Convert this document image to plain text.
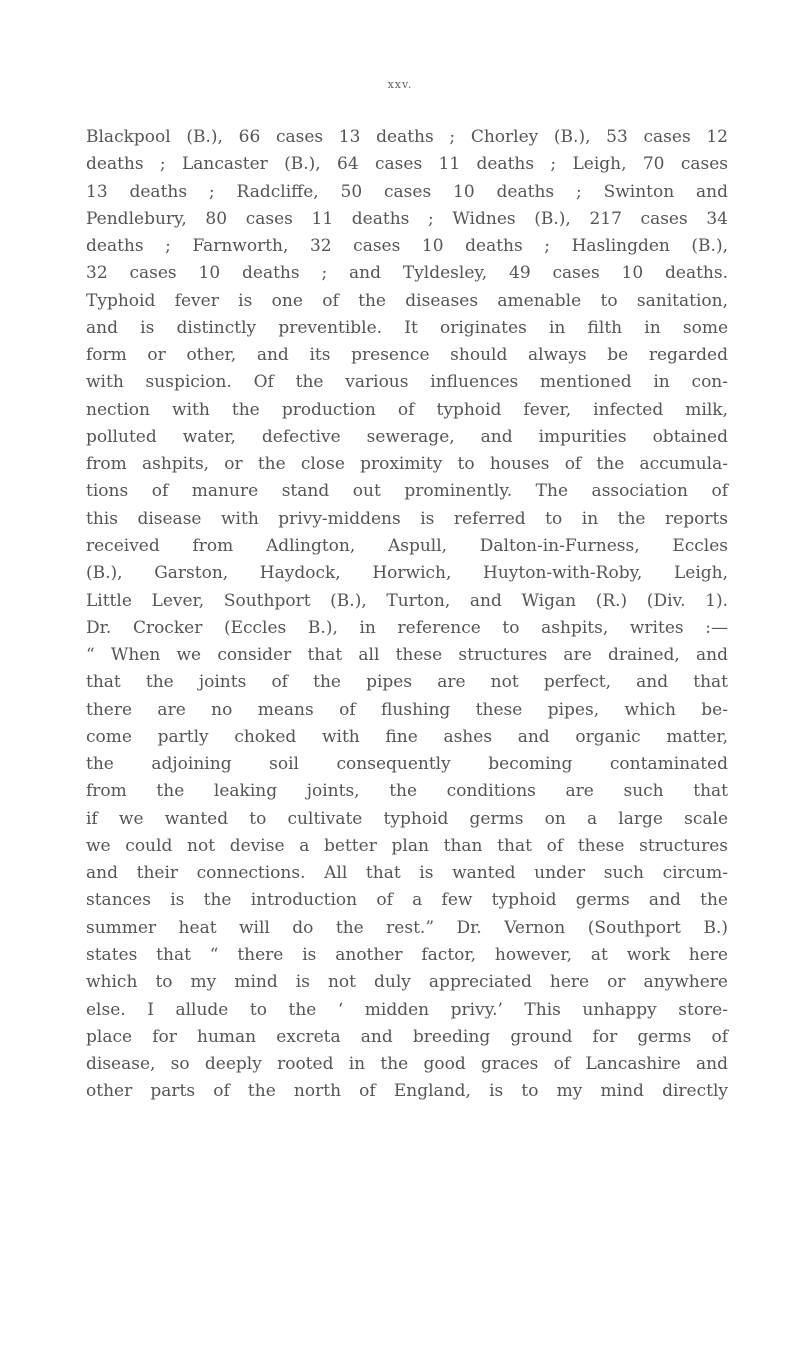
xxv.
Blackpool (B.), 66 cases 13 deaths ; Chorley (B.), 53 cases 12
deaths ; Lancaster (B.), 64 cases 11 deaths ; Leigh, 70 cases
13 deaths ; Radcliffe, 50 cases 10 deaths ; Swinton and
Pendlebury, 80 cases 11 deaths ; Widnes (B.), 217 cases 34
deaths ; Farnworth, 32 cases 10 deaths ; Haslingden (B.),
32 cases 10 deaths ; and Tyldesley, 49 cases 10 deaths.
Typhoid fever is one of the diseases amenable to sanitation,
and is distinctly preventible. It originates in filth in some
form or other, and its presence should always be regarded
with suspicion. Of the various influences mentioned in con-
nection with the production of typhoid fever, infected milk,
polluted water, defective sewerage, and impurities obtained
from ashpits, or the close proximity to houses of the accumula-
tions of manure stand out prominently. The association of
this disease with privy-middens is referred to in the reports
received from Adlington, Aspull, Dalton-in-Furness, Eccles
(B.), Garston, Haydock, Horwich, Huyton-with-Roby, Leigh,
Little Lever, Southport (B.), Turton, and Wigan (R.) (Div. 1).
Dr. Crocker (Eccles B.), in reference to ashpits, writes :—
“ When we consider that all these structures are drained, and
that the joints of the pipes are not perfect, and that
there are no means of flushing these pipes, which be-
come partly choked with fine ashes and organic matter,
the adjoining soil consequently becoming contaminated
from the leaking joints, the conditions are such that
if we wanted to cultivate typhoid germs on a large scale
we could not devise a better plan than that of these structures
and their connections. All that is wanted under such circum-
stances is the introduction of a few typhoid germs and the
summer heat will do the rest.” Dr. Vernon (Southport B.)
states that “ there is another factor, however, at work here
which to my mind is not duly appreciated here or anywhere
else. I allude to the ‘ midden privy.’ This unhappy store-
place for human excreta and breeding ground for germs of
disease, so deeply rooted in the good graces of Lancashire and
other parts of the north of England, is to my mind directly
